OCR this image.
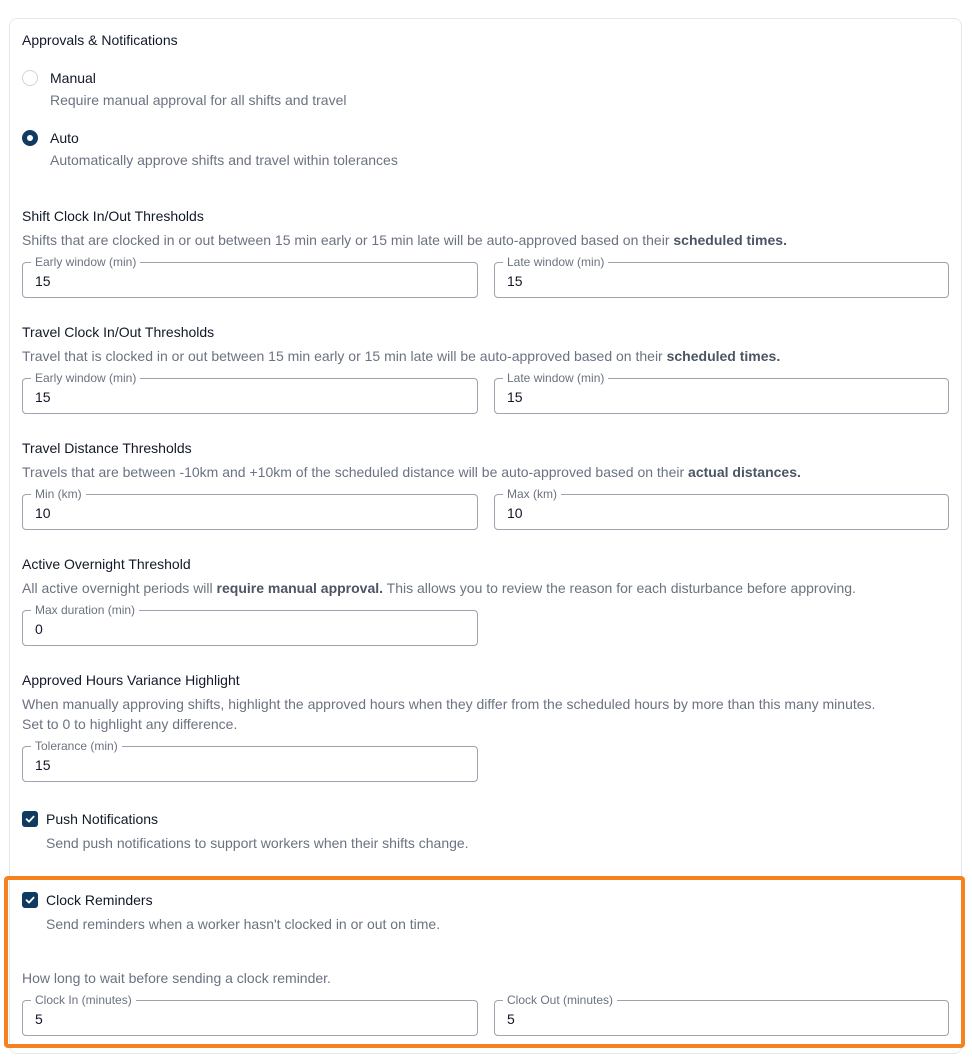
Approvals & Notifications
Manual
Require manual approval for all shifts and travel
Auto
Automatically approve shifts and travel within tolerances
Shift Clock In/Out Thresholds
Shifts that are clocked in or out between 15 min early or 15 min late will be auto-approved based on their scheduled times.
Early window (min)
15
Late window (min)
15
Travel Clock In/Out Thresholds
Travel that is clocked in or out between 15 min early or 15 min late will be auto-approved based on their scheduled times.
Early window (min)
15
Late window (min)
15
Travel Distance Thresholds
Travels that are between -10km and +10km of the scheduled distance will be auto-approved based on their actual distances.
Min (km)
10
Max (km)
10
Active Overnight Threshold
All active overnight periods will require manual approval. This allows you to review the reason for each disturbance before approving.
Max duration (min)
0
Approved Hours Variance Highlight
When manually approving shifts, highlight the approved hours when they differ from the scheduled hours by more than this many minutes.
Set to 0 to highlight any difference.
Tolerance (min)
15
Push Notifications
Send push notifications to support workers when their shifts change.
Clock Reminders
Send reminders when a worker hasn't clocked in or out on time.
How long to wait before sending a clock reminder.
Clock In (minutes)
5
Clock Out (minutes)
5
